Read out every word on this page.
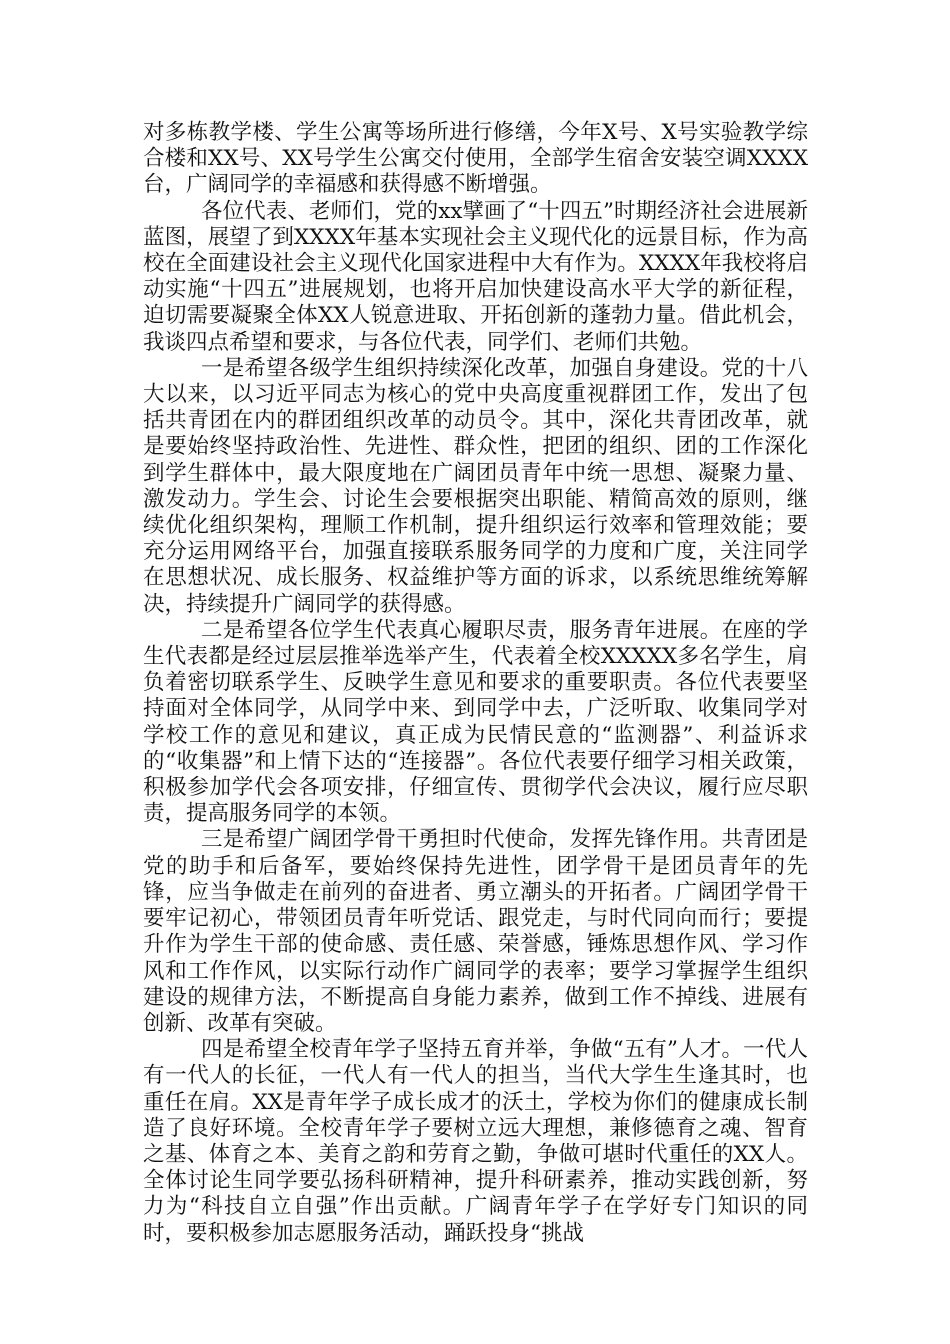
对多栋教学楼、学生公寓等场所进行修缮，今年X号、X号实验教学综合楼和XX号、XX号学生公寓交付使用，全部学生宿舍安装空调XXXX台，广阔同学的幸福感和获得感不断增强。

各位代表、老师们，党的xx擘画了“十四五”时期经济社会进展新蓝图，展望了到XXXX年基本实现社会主义现代化的远景目标，作为高校在全面建设社会主义现代化国家进程中大有作为。XXXX年我校将启动实施“十四五”进展规划，也将开启加快建设高水平大学的新征程，迫切需要凝聚全体XX人锐意进取、开拓创新的蓬勃力量。借此机会，我谈四点希望和要求，与各位代表，同学们、老师们共勉。

一是希望各级学生组织持续深化改革，加强自身建设。党的十八大以来，以习近平同志为核心的党中央高度重视群团工作，发出了包括共青团在内的群团组织改革的动员令。其中，深化共青团改革，就是要始终坚持政治性、先进性、群众性，把团的组织、团的工作深化到学生群体中，最大限度地在广阔团员青年中统一思想、凝聚力量、激发动力。学生会、讨论生会要根据突出职能、精简高效的原则，继续优化组织架构，理顺工作机制，提升组织运行效率和管理效能；要充分运用网络平台，加强直接联系服务同学的力度和广度，关注同学在思想状况、成长服务、权益维护等方面的诉求，以系统思维统筹解决，持续提升广阔同学的获得感。

二是希望各位学生代表真心履职尽责，服务青年进展。在座的学生代表都是经过层层推举选举产生，代表着全校XXXXX多名学生，肩负着密切联系学生、反映学生意见和要求的重要职责。各位代表要坚持面对全体同学，从同学中来、到同学中去，广泛听取、收集同学对学校工作的意见和建议，真正成为民情民意的“监测器”、利益诉求的“收集器”和上情下达的“连接器”。各位代表要仔细学习相关政策，积极参加学代会各项安排，仔细宣传、贯彻学代会决议，履行应尽职责，提高服务同学的本领。

三是希望广阔团学骨干勇担时代使命，发挥先锋作用。共青团是党的助手和后备军，要始终保持先进性，团学骨干是团员青年的先锋，应当争做走在前列的奋进者、勇立潮头的开拓者。广阔团学骨干要牢记初心，带领团员青年听党话、跟党走，与时代同向而行；要提升作为学生干部的使命感、责任感、荣誉感，锤炼思想作风、学习作风和工作作风，以实际行动作广阔同学的表率；要学习掌握学生组织建设的规律方法，不断提高自身能力素养，做到工作不掉线、进展有创新、改革有突破。

四是希望全校青年学子坚持五育并举，争做“五有”人才。一代人有一代人的长征，一代人有一代人的担当，当代大学生生逢其时，也重任在肩。XX是青年学子成长成才的沃土，学校为你们的健康成长制造了良好环境。全校青年学子要树立远大理想，兼修德育之魂、智育之基、体育之本、美育之韵和劳育之勤，争做可堪时代重任的XX人。全体讨论生同学要弘扬科研精神，提升科研素养，推动实践创新，努力为“科技自立自强”作出贡献。广阔青年学子在学好专门知识的同时，要积极参加志愿服务活动，踊跃投身“挑战
